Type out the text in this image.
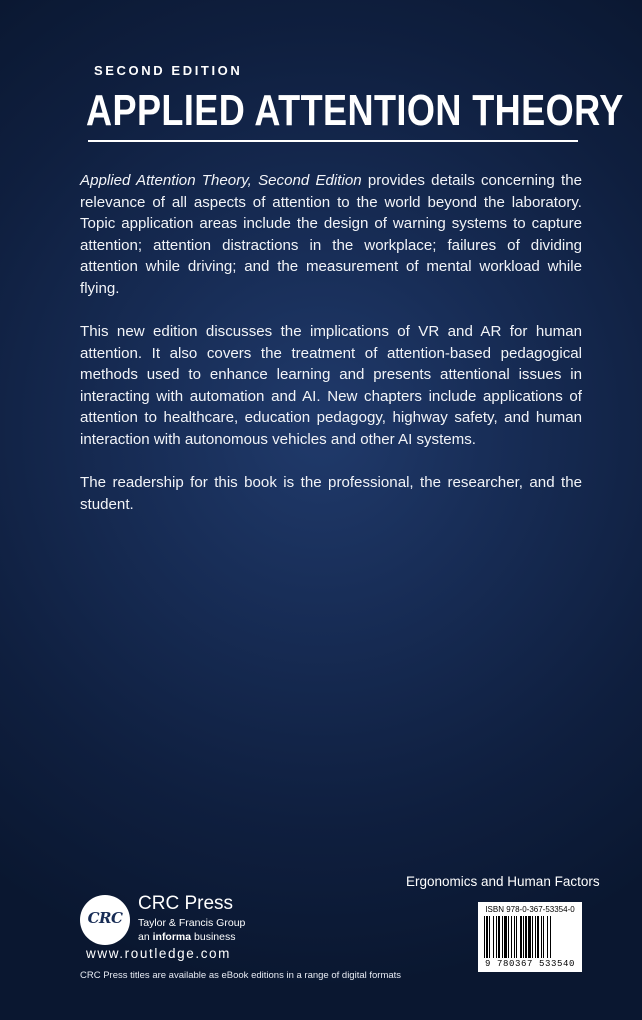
SECOND EDITION
APPLIED ATTENTION THEORY

Applied Attention Theory, Second Edition provides details concerning the relevance of all aspects of attention to the world beyond the laboratory. Topic application areas include the design of warning systems to capture attention; attention distractions in the workplace; failures of dividing attention while driving; and the measurement of mental workload while flying.

This new edition discusses the implications of VR and AR for human attention. It also covers the treatment of attention-based pedagogical methods used to enhance learning and presents attentional issues in interacting with automation and AI. New chapters include applications of attention to healthcare, education pedagogy, highway safety, and human interaction with autonomous vehicles and other AI systems.

The readership for this book is the professional, the researcher, and the student.

Ergonomics and Human Factors
CRC
CRC Press
Taylor & Francis Group
an informa business
www.routledge.com
CRC Press titles are available as eBook editions in a range of digital formats
ISBN 978-0-367-53354-0
9 780367 533540
